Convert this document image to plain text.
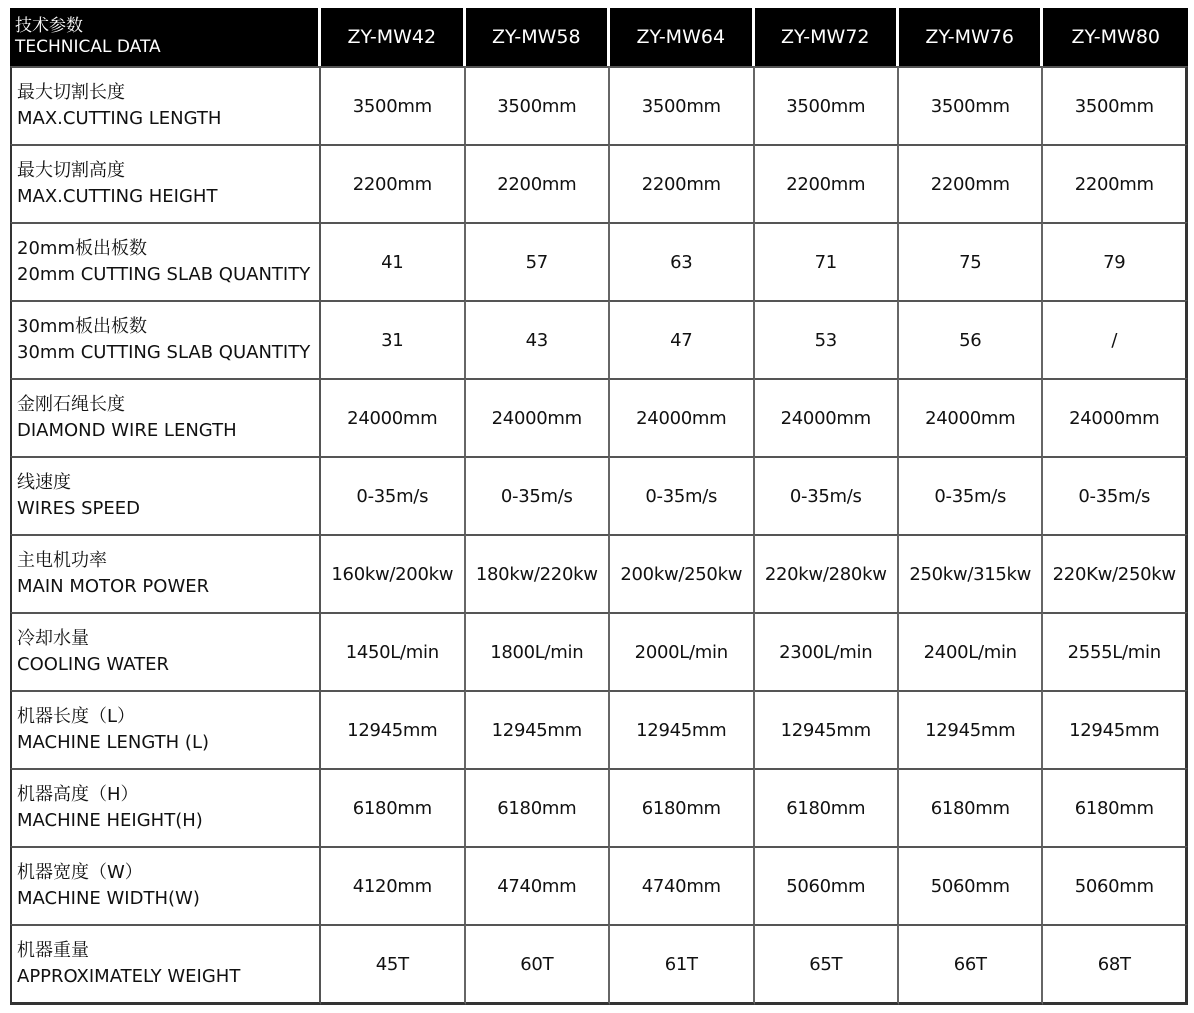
技术参数
TECHNICAL DATA	ZY-MW42	ZY-MW58	ZY-MW64	ZY-MW72	ZY-MW76	ZY-MW80

最大切割长度
MAX.CUTTING LENGTH	3500mm	3500mm	3500mm	3500mm	3500mm	3500mm

最大切割高度
MAX.CUTTING HEIGHT	2200mm	2200mm	2200mm	2200mm	2200mm	2200mm

20mm板出板数
20mm CUTTING SLAB QUANTITY	41	57	63	71	75	79

30mm板出板数
30mm CUTTING SLAB QUANTITY	31	43	47	53	56	/

金刚石绳长度
DIAMOND WIRE LENGTH	24000mm	24000mm	24000mm	24000mm	24000mm	24000mm

线速度
WIRES SPEED	0-35m/s	0-35m/s	0-35m/s	0-35m/s	0-35m/s	0-35m/s

主电机功率
MAIN MOTOR POWER	160kw/200kw	180kw/220kw	200kw/250kw	220kw/280kw	250kw/315kw	220Kw/250kw

冷却水量
COOLING WATER	1450L/min	1800L/min	2000L/min	2300L/min	2400L/min	2555L/min

机器长度（L）
MACHINE LENGTH (L)	12945mm	12945mm	12945mm	12945mm	12945mm	12945mm

机器高度（H）
MACHINE HEIGHT(H)	6180mm	6180mm	6180mm	6180mm	6180mm	6180mm

机器宽度（W）
MACHINE WIDTH(W)	4120mm	4740mm	4740mm	5060mm	5060mm	5060mm

机器重量
APPROXIMATELY WEIGHT	45T	60T	61T	65T	66T	68T
